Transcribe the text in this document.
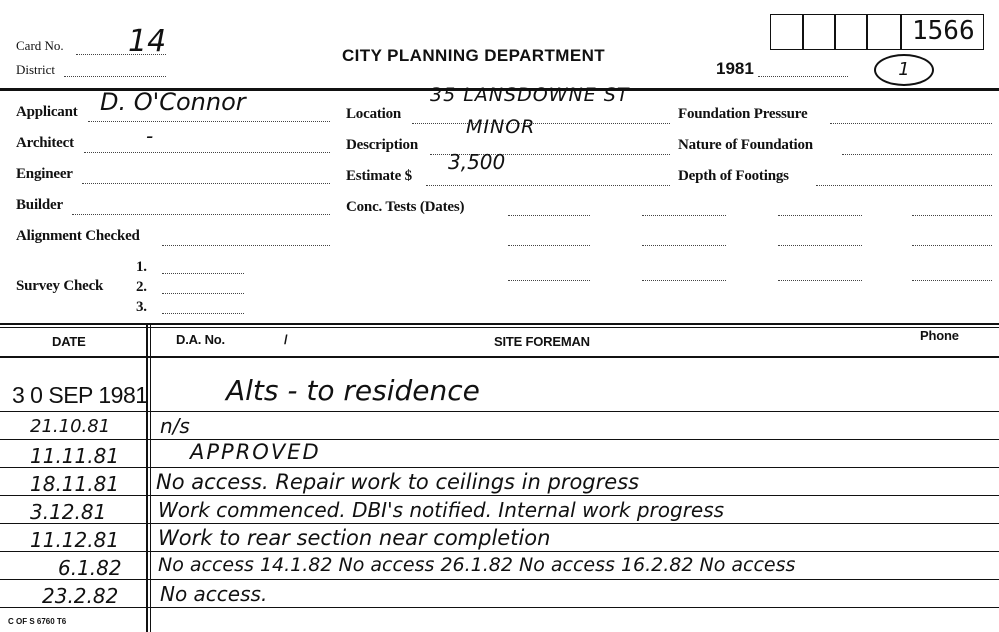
Card No. 14
District
CITY PLANNING DEPARTMENT
1981
1566
1
Applicant D. O'Connor
Architect	-
Engineer
Builder
Alignment Checked
Survey Check
1.
2.
3.
Location
35 LANSDOWNE ST
Description
MINOR
Estimate $
3,500
Conc. Tests (Dates)
Foundation Pressure
Nature of Foundation
Depth of Footings
DATE	D.A. No.	/	SITE FOREMAN	Phone
3 0 SEP 1981	Alts - to residence
21.10.81 n/s
11.11.81	APPROVED
18.11.81 No access. Repair work to ceilings in progress
3.12.81	Work commenced. DBI's notified. Internal work progress
11.12.81 Work to rear section near completion
6.1.82 No access 14.1.82 No access 26.1.82 No access 16.2.82 No access
23.2.82 No access.
C OF S 6760 T6
